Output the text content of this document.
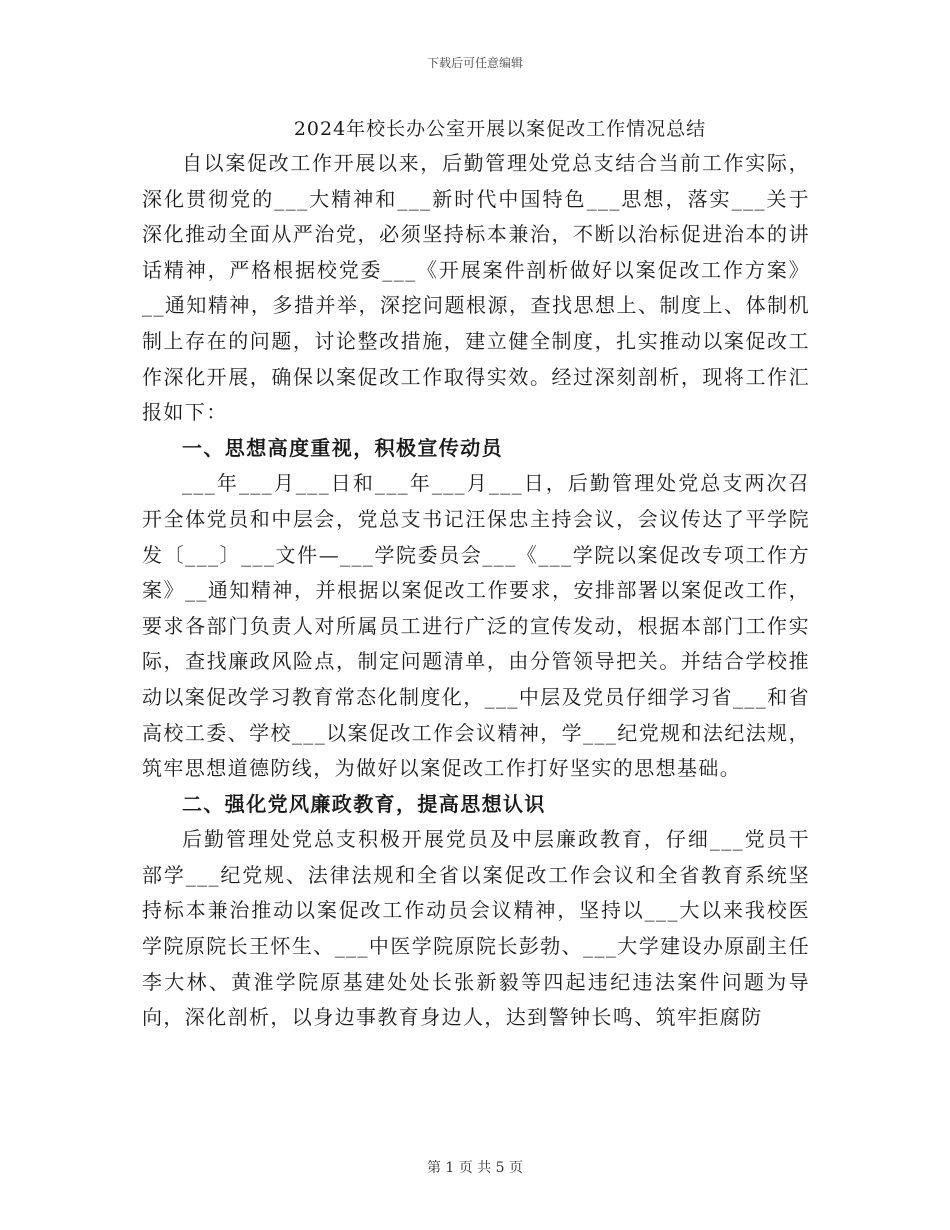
下载后可任意编辑
2024年校长办公室开展以案促改工作情况总结

自以案促改工作开展以来，后勤管理处党总支结合当前工作实际，深化贯彻党的___大精神和___新时代中国特色___思想，落实___关于深化推动全面从严治党，必须坚持标本兼治，不断以治标促进治本的讲话精神，严格根据校党委___《开展案件剖析做好以案促改工作方案》__通知精神，多措并举，深挖问题根源，查找思想上、制度上、体制机制上存在的问题，讨论整改措施，建立健全制度，扎实推动以案促改工作深化开展，确保以案促改工作取得实效。经过深刻剖析，现将工作汇报如下：

一、思想高度重视，积极宣传动员

___年___月___日和___年___月___日，后勤管理处党总支两次召开全体党员和中层会，党总支书记汪保忠主持会议，会议传达了平学院发〔___〕___文件—___学院委员会___《___学院以案促改专项工作方案》__通知精神，并根据以案促改工作要求，安排部署以案促改工作，要求各部门负责人对所属员工进行广泛的宣传发动，根据本部门工作实际，查找廉政风险点，制定问题清单，由分管领导把关。并结合学校推动以案促改学习教育常态化制度化，___中层及党员仔细学习省___和省高校工委、学校___以案促改工作会议精神，学___纪党规和法纪法规，筑牢思想道德防线，为做好以案促改工作打好坚实的思想基础。

二、强化党风廉政教育，提高思想认识

后勤管理处党总支积极开展党员及中层廉政教育，仔细___党员干部学___纪党规、法律法规和全省以案促改工作会议和全省教育系统坚持标本兼治推动以案促改工作动员会议精神，坚持以___大以来我校医学院原院长王怀生、___中医学院原院长彭勃、___大学建设办原副主任李大林、黄淮学院原基建处处长张新毅等四起违纪违法案件问题为导向，深化剖析，以身边事教育身边人，达到警钟长鸣、筑牢拒腐防

第 1 页 共 5 页
